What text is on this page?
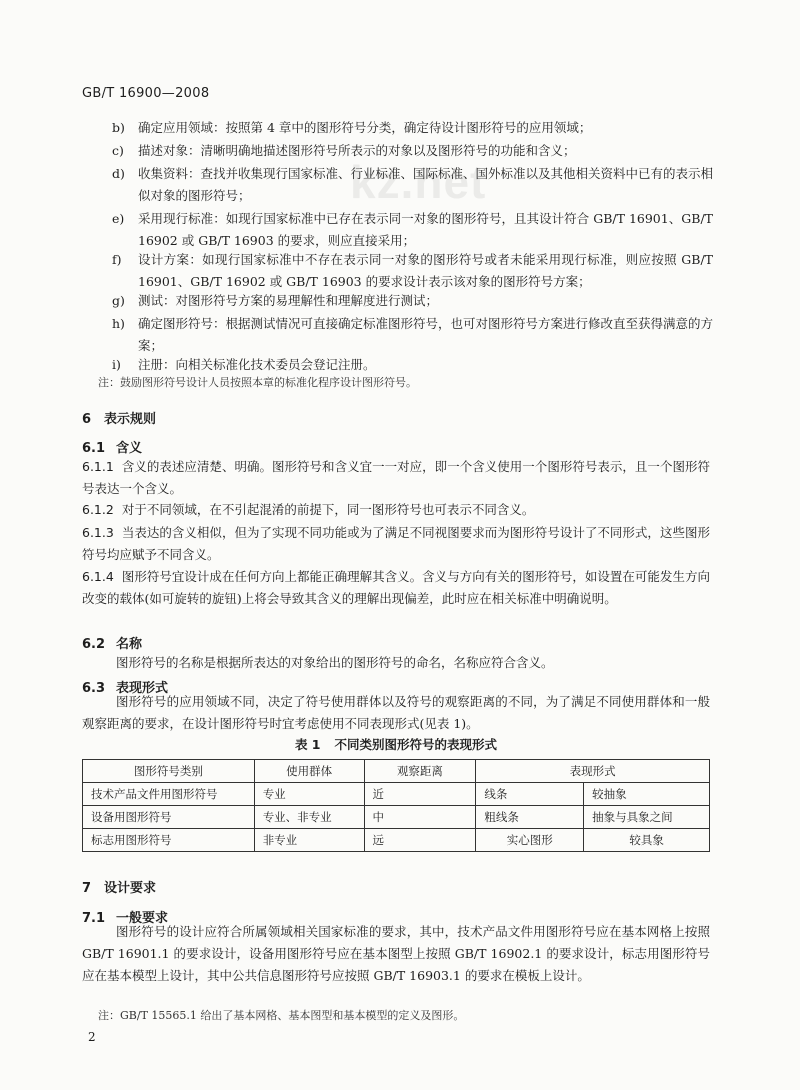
GB/T 16900—2008
kz.net
b)	确定应用领域：按照第 4 章中的图形符号分类，确定待设计图形符号的应用领域；
c)	描述对象：清晰明确地描述图形符号所表示的对象以及图形符号的功能和含义；
d)	收集资料：查找并收集现行国家标准、行业标准、国际标准、国外标准以及其他相关资料中已有的表示相似对象的图形符号；
e)	采用现行标准：如现行国家标准中已存在表示同一对象的图形符号，且其设计符合 GB/T 16901、GB/T 16902 或 GB/T 16903 的要求，则应直接采用；
f)	设计方案：如现行国家标准中不存在表示同一对象的图形符号或者未能采用现行标准，则应按照 GB/T 16901、GB/T 16902 或 GB/T 16903 的要求设计表示该对象的图形符号方案；
g)	测试：对图形符号方案的易理解性和理解度进行测试；
h)	确定图形符号：根据测试情况可直接确定标准图形符号，也可对图形符号方案进行修改直至获得满意的方案；
i)	注册：向相关标准化技术委员会登记注册。
注：鼓励图形符号设计人员按照本章的标准化程序设计图形符号。
6 表示规则
6.1 含义
6.1.1 含义的表述应清楚、明确。图形符号和含义宜一一对应，即一个含义使用一个图形符号表示，且一个图形符号表达一个含义。
6.1.2 对于不同领域，在不引起混淆的前提下，同一图形符号也可表示不同含义。
6.1.3 当表达的含义相似，但为了实现不同功能或为了满足不同视图要求而为图形符号设计了不同形式，这些图形符号均应赋予不同含义。
6.1.4 图形符号宜设计成在任何方向上都能正确理解其含义。含义与方向有关的图形符号，如设置在可能发生方向改变的载体(如可旋转的旋钮)上将会导致其含义的理解出现偏差，此时应在相关标准中明确说明。
6.2 名称
图形符号的名称是根据所表达的对象给出的图形符号的命名，名称应符合含义。
6.3 表现形式
图形符号的应用领域不同，决定了符号使用群体以及符号的观察距离的不同，为了满足不同使用群体和一般观察距离的要求，在设计图形符号时宜考虑使用不同表现形式(见表 1)。
表 1 不同类别图形符号的表现形式
图形符号类别	使用群体	观察距离	表现形式	
技术产品文件用图形符号	专业	近	线条	较抽象
设备用图形符号	专业、非专业	中	粗线条	抽象与具象之间
标志用图形符号	非专业	远	实心图形	较具象
7 设计要求
7.1 一般要求
图形符号的设计应符合所属领域相关国家标准的要求，其中，技术产品文件用图形符号应在基本网格上按照 GB/T 16901.1 的要求设计，设备用图形符号应在基本图型上按照 GB/T 16902.1 的要求设计，标志用图形符号应在基本模型上设计，其中公共信息图形符号应按照 GB/T 16903.1 的要求在模板上设计。
注：GB/T 15565.1 给出了基本网格、基本图型和基本模型的定义及图形。
2
